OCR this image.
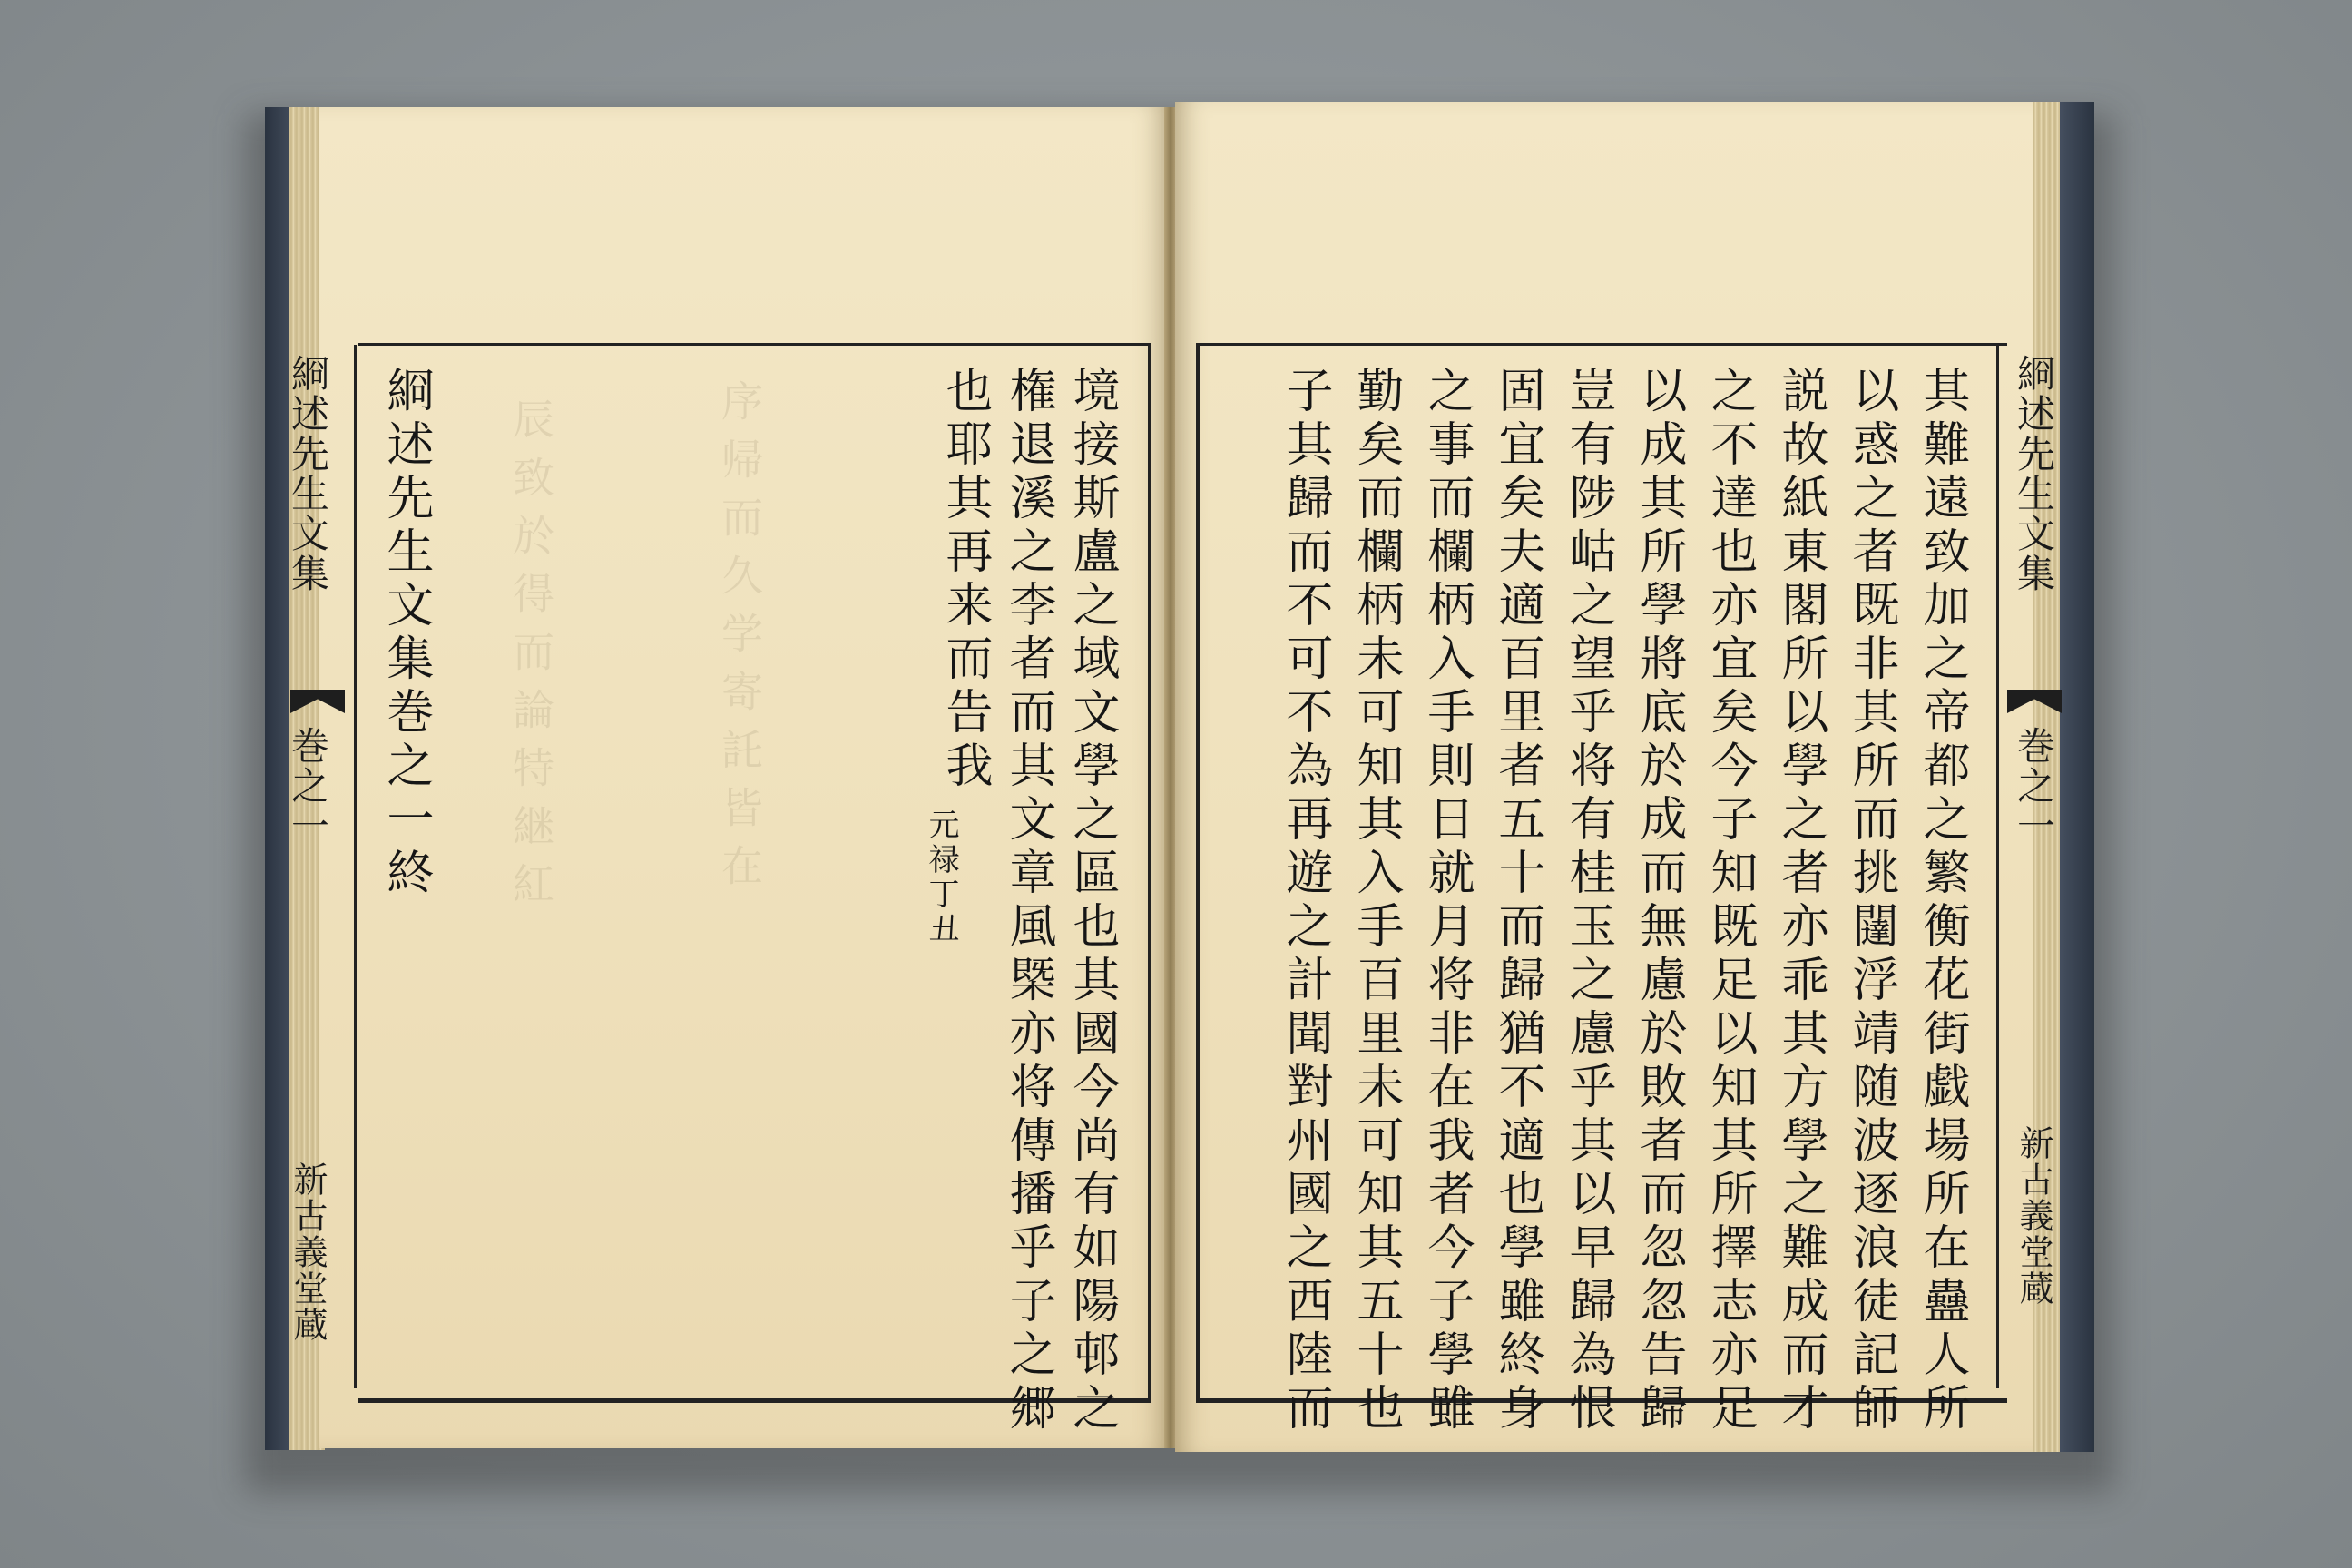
序帰而久学寄託皆在
辰致於得而論特継紅
綗述先生文集
巻之一
新古義堂蔵	境接斯盧之域文學之區也其國今尚有如陽邨之
権退溪之李者而其文章風槩亦将傳播乎子之郷
也耶其再来而告我
元禄丁丑
綗述先生文集巻之一終	其難遠致加之帝都之繁衡花街戯場所在蠱人所
以惑之者既非其所而挑闥浮靖随波逐浪徒記師
説故紙東閣所以學之者亦乖其方學之難成而才
之不達也亦宜矣今子知既足以知其所擇志亦足
以成其所學將底於成而無慮於敗者而忽忽告歸
豈有陟岵之望乎将有桂玉之慮乎其以早歸為恨
固宜矣夫適百里者五十而歸猶不適也學雖終身
之事而欄柄入手則日就月将非在我者今子學雖
勤矣而欄柄未可知其入手百里未可知其五十也
子其歸而不可不為再遊之計聞對州國之西陸而	綗述先生文集
巻之一
新古義堂蔵
